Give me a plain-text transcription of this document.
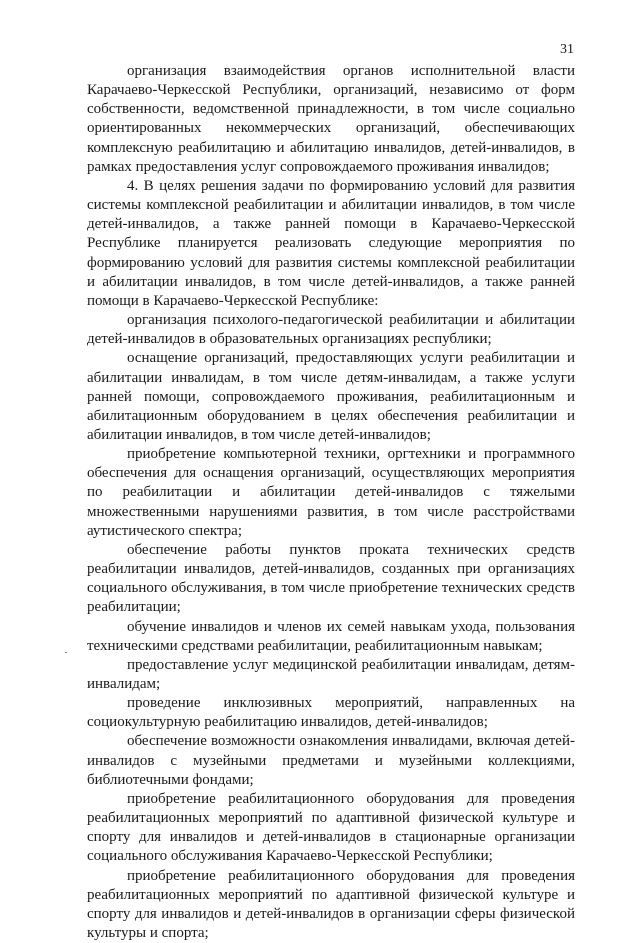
31

организация взаимодействия органов исполнительной власти Карачаево-Черкесской Республики, организаций, независимо от форм собственности, ведомственной принадлежности, в том числе социально ориентированных некоммерческих организаций, обеспечивающих комплексную реабилитацию и абилитацию инвалидов, детей-инвалидов, в рамках предоставления услуг сопровождаемого проживания инвалидов;

4. В целях решения задачи по формированию условий для развития системы комплексной реабилитации и абилитации инвалидов, в том числе детей-инвалидов, а также ранней помощи в Карачаево-Черкесской Республике планируется реализовать следующие мероприятия по формированию условий для развития системы комплексной реабилитации и абилитации инвалидов, в том числе детей-инвалидов, а также ранней помощи в Карачаево-Черкесской Республике:

организация психолого-педагогической реабилитации и абилитации детей-инвалидов в образовательных организациях республики;

оснащение организаций, предоставляющих услуги реабилитации и абилитации инвалидам, в том числе детям-инвалидам, а также услуги ранней помощи, сопровождаемого проживания, реабилитационным и абилитационным оборудованием в целях обеспечения реабилитации и абилитации инвалидов, в том числе детей-инвалидов;

приобретение компьютерной техники, оргтехники и программного обеспечения для оснащения организаций, осуществляющих мероприятия по реабилитации и абилитации детей-инвалидов с тяжелыми множественными нарушениями развития, в том числе расстройствами аутистического спектра;

обеспечение работы пунктов проката технических средств реабилитации инвалидов, детей-инвалидов, созданных при организациях социального обслуживания, в том числе приобретение технических средств реабилитации;

обучение инвалидов и членов их семей навыкам ухода, пользования техническими средствами реабилитации, реабилитационным навыкам;

предоставление услуг медицинской реабилитации инвалидам, детям-инвалидам;

проведение инклюзивных мероприятий, направленных на социокультурную реабилитацию инвалидов, детей-инвалидов;

обеспечение возможности ознакомления инвалидами, включая детей-инвалидов с музейными предметами и музейными коллекциями, библиотечными фондами;

приобретение реабилитационного оборудования для проведения реабилитационных мероприятий по адаптивной физической культуре и спорту для инвалидов и детей-инвалидов в стационарные организации социального обслуживания Карачаево-Черкесской Республики;

приобретение реабилитационного оборудования для проведения реабилитационных мероприятий по адаптивной физической культуре и спорту для инвалидов и детей-инвалидов в организации сферы физической культуры и спорта;
